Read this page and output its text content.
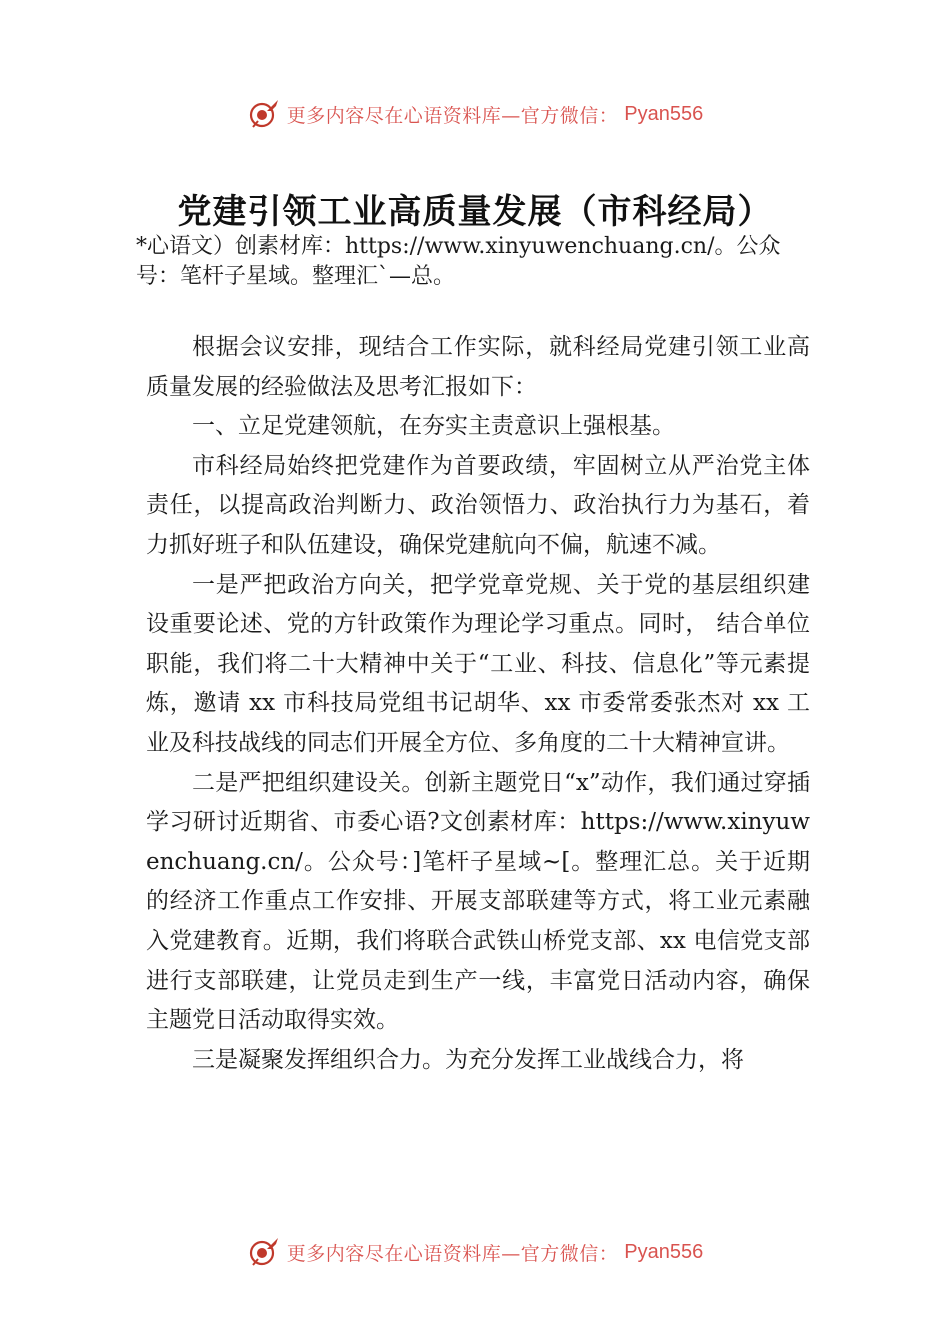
更多内容尽在心语资料库—官方微信： Pyan556
党建引领工业高质量发展（市科经局）
*心语文）创素材库：https://www.xinyuwenchuang.cn/。公众号：笔杆子星域。整理汇`—总。

根据会议安排，现结合工作实际，就科经局党建引领工业高质量发展的经验做法及思考汇报如下：

一、立足党建领航，在夯实主责意识上强根基。

市科经局始终把党建作为首要政绩，牢固树立从严治党主体责任，以提高政治判断力、政治领悟力、政治执行力为基石，着力抓好班子和队伍建设，确保党建航向不偏，航速不减。

一是严把政治方向关，把学党章党规、关于党的基层组织建设重要论述、党的方针政策作为理论学习重点。同时， 结合单位职能，我们将二十大精神中关于“工业、科技、信息化”等元素提炼，邀请 xx 市科技局党组书记胡华、xx 市委常委张杰对 xx 工业及科技战线的同志们开展全方位、多角度的二十大精神宣讲。

二是严把组织建设关。创新主题党日“x”动作，我们通过穿插学习研讨近期省、市委心语?文创素材库：https://www.xinyuwenchuang.cn/。公众号：]笔杆子星域~[。整理汇总。关于近期的经济工作重点工作安排、开展支部联建等方式，将工业元素融入党建教育。近期，我们将联合武铁山桥党支部、xx 电信党支部进行支部联建，让党员走到生产一线，丰富党日活动内容，确保主题党日活动取得实效。

三是凝聚发挥组织合力。为充分发挥工业战线合力，将

更多内容尽在心语资料库—官方微信： Pyan556
